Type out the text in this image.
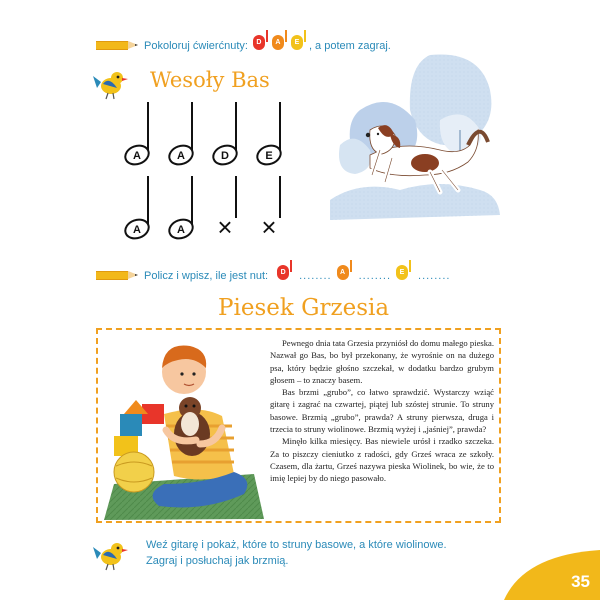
Pokoloruj ćwierćnuty:	D	A	E , a potem zagraj.
Wesoły Bas
A	A	D	E
A	A × ×
Policz i wpisz, ile jest nut:	D	........	A	........	E	........
Piesek Grzesia

Pewnego dnia tata Grzesia przyniósł do domu małego pieska. Nazwał go Bas, bo był przekonany, że wyrośnie on na dużego psa, który będzie głośno szczekał, w dodatku bardzo grubym głosem – to znaczy basem.

Bas brzmi „grubo”, co łatwo sprawdzić. Wystarczy wziąć gitarę i zagrać na czwartej, piątej lub szóstej strunie. To struny basowe. Brzmią „grubo”, prawda? A struny pierwsza, druga i trzecia to struny wiolinowe. Brzmią wyżej i „jaśniej”, prawda?

Minęło kilka miesięcy. Bas niewiele urósł i rzadko szczeka. Za to piszczy cieniutko z radości, gdy Grześ wraca ze szkoły. Czasem, dla żartu, Grześ nazywa pieska Wiolinek, bo wie, że to imię lepiej by do niego pasowało.

Weź gitarę i pokaż, które to struny basowe, a które wiolinowe.
Zagraj i posłuchaj jak brzmią.
35
